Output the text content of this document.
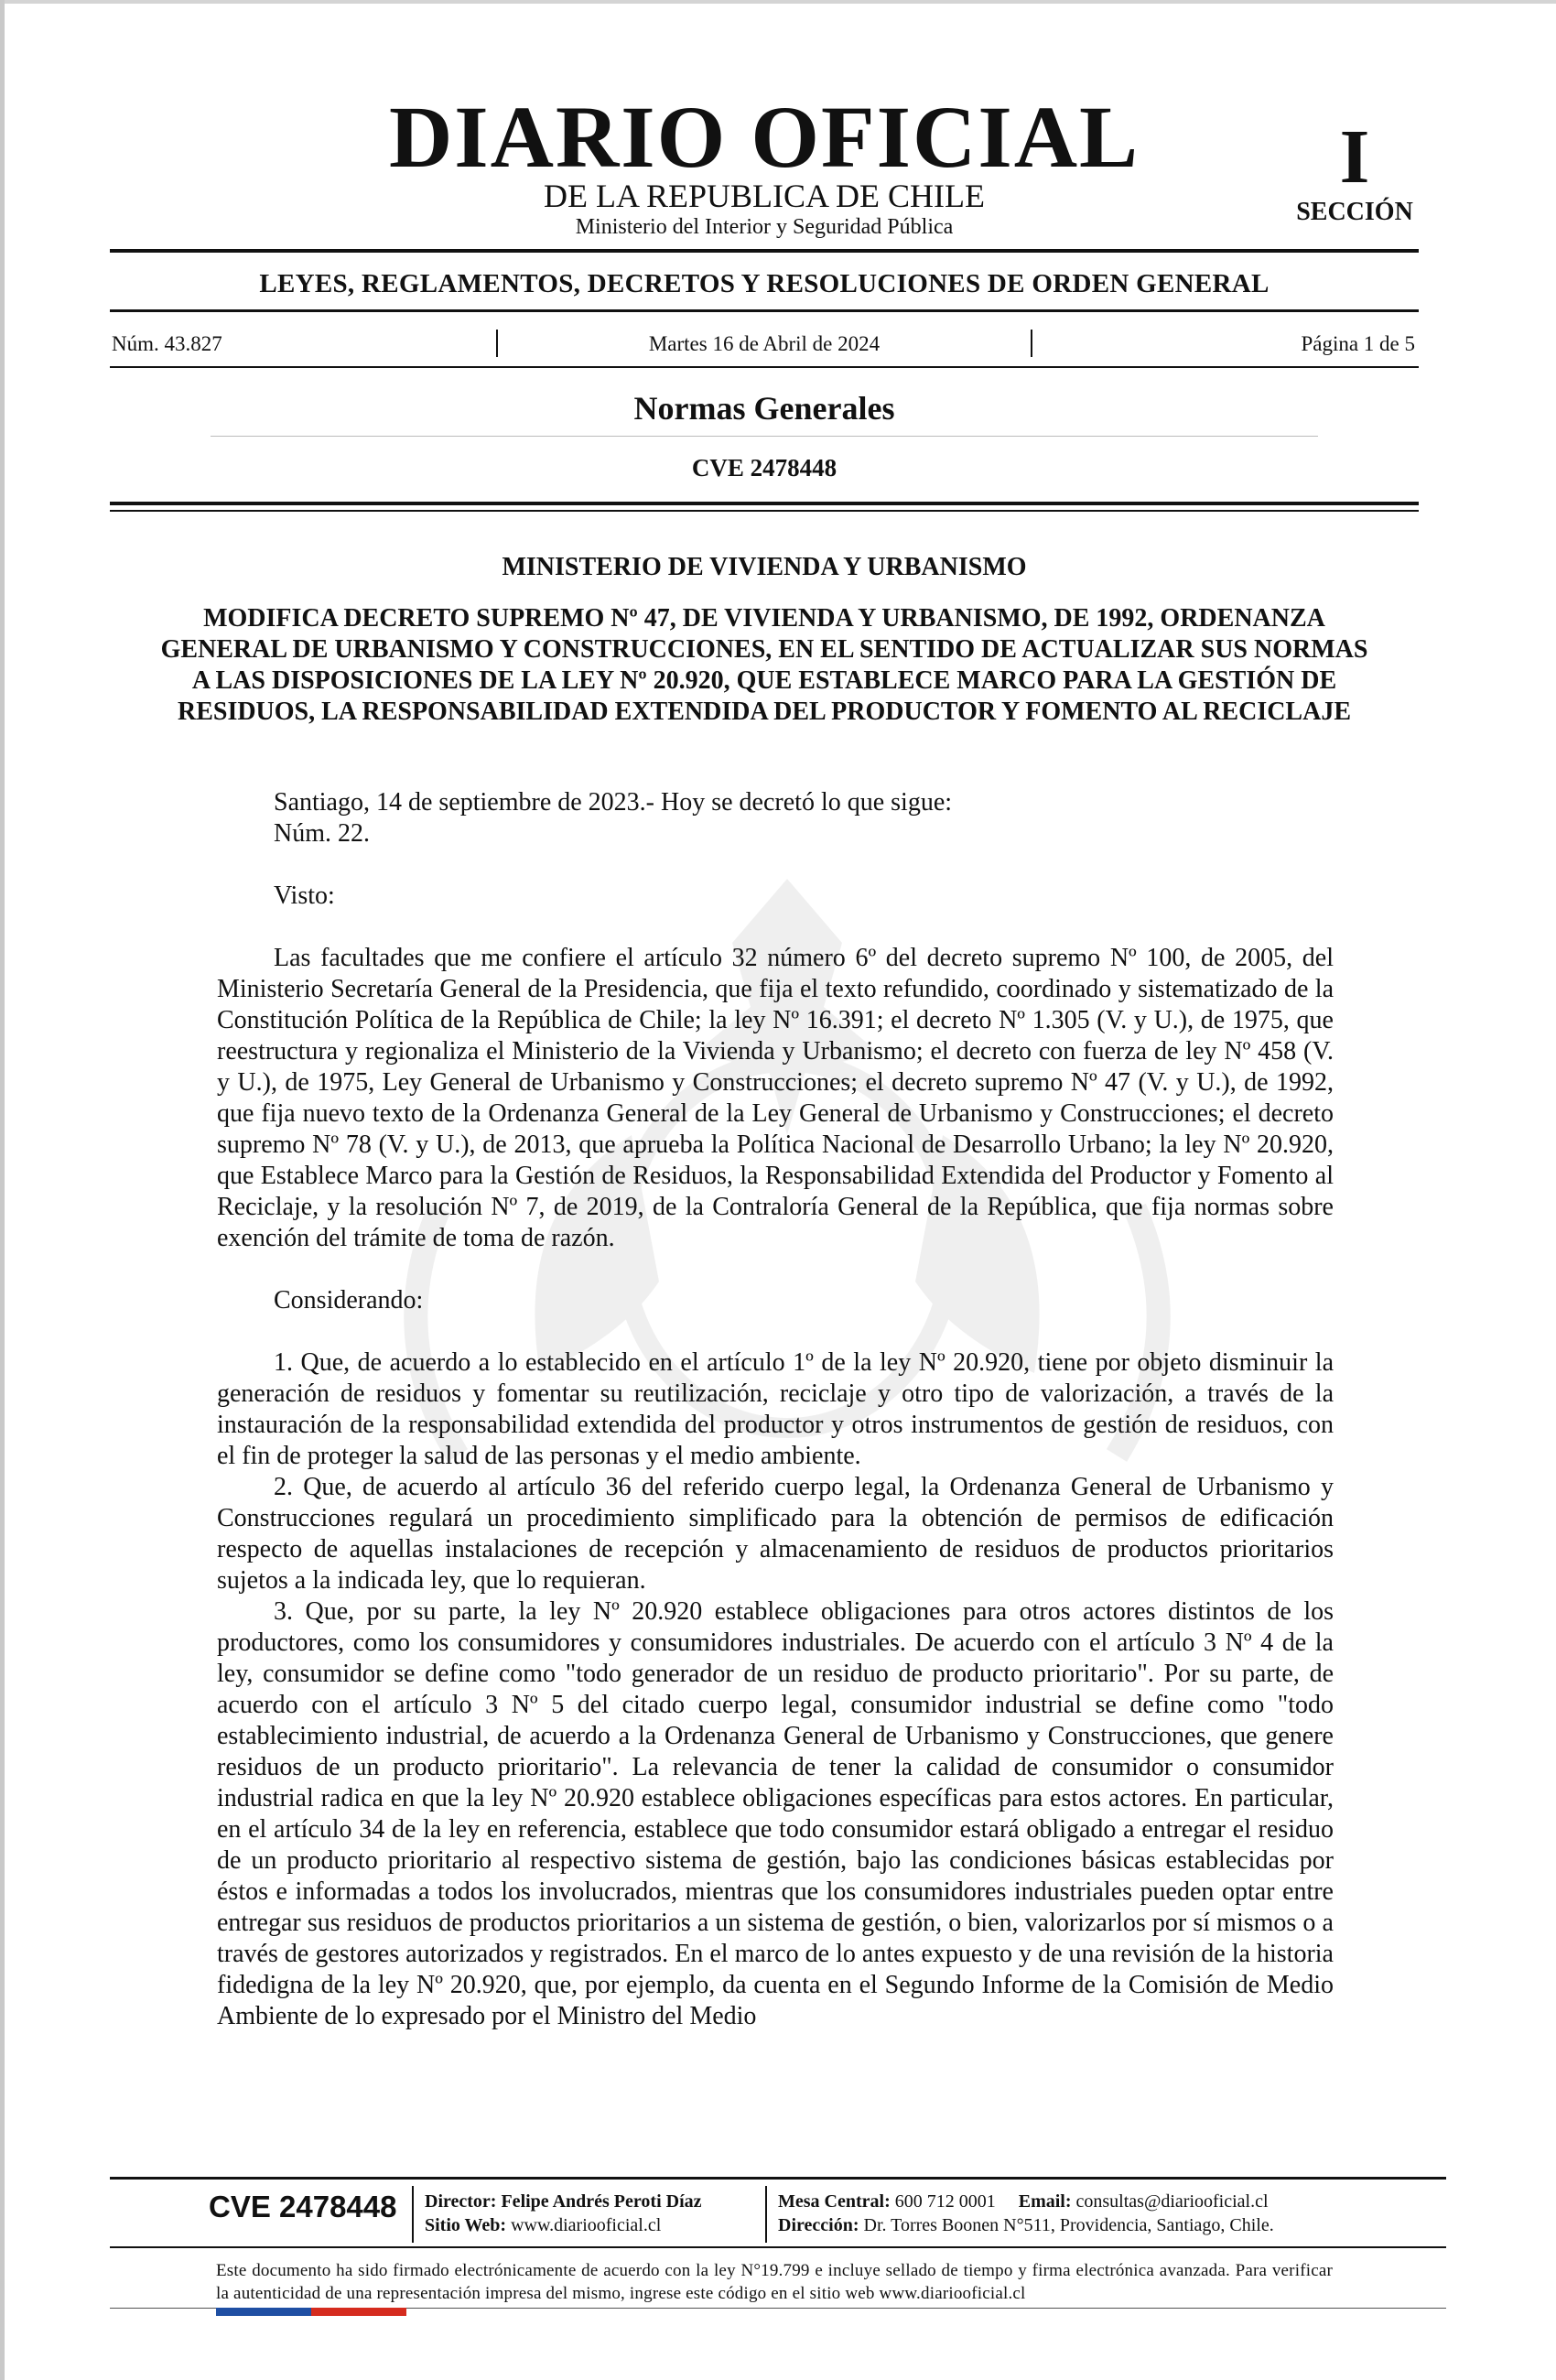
DIARIO OFICIAL
DE LA REPUBLICA DE CHILE
Ministerio del Interior y Seguridad Pública
I
SECCIÓN
LEYES, REGLAMENTOS, DECRETOS Y RESOLUCIONES DE ORDEN GENERAL
Núm. 43.827	Martes 16 de Abril de 2024	Página 1 de 5
Normas Generales
CVE 2478448
MINISTERIO DE VIVIENDA Y URBANISMO
MODIFICA DECRETO SUPREMO Nº 47, DE VIVIENDA Y URBANISMO, DE 1992, ORDENANZA GENERAL DE URBANISMO Y CONSTRUCCIONES, EN EL SENTIDO DE ACTUALIZAR SUS NORMAS A LAS DISPOSICIONES DE LA LEY Nº 20.920, QUE ESTABLECE MARCO PARA LA GESTIÓN DE RESIDUOS, LA RESPONSABILIDAD EXTENDIDA DEL PRODUCTOR Y FOMENTO AL RECICLAJE

Santiago, 14 de septiembre de 2023.- Hoy se decretó lo que sigue:

Núm. 22.

Visto:

Las facultades que me confiere el artículo 32 número 6º del decreto supremo Nº 100, de 2005, del Ministerio Secretaría General de la Presidencia, que fija el texto refundido, coordinado y sistematizado de la Constitución Política de la República de Chile; la ley Nº 16.391; el decreto Nº 1.305 (V. y U.), de 1975, que reestructura y regionaliza el Ministerio de la Vivienda y Urbanismo; el decreto con fuerza de ley Nº 458 (V. y U.), de 1975, Ley General de Urbanismo y Construcciones; el decreto supremo Nº 47 (V. y U.), de 1992, que fija nuevo texto de la Ordenanza General de la Ley General de Urbanismo y Construcciones; el decreto supremo Nº 78 (V. y U.), de 2013, que aprueba la Política Nacional de Desarrollo Urbano; la ley Nº 20.920, que Establece Marco para la Gestión de Residuos, la Responsabilidad Extendida del Productor y Fomento al Reciclaje, y la resolución Nº 7, de 2019, de la Contraloría General de la República, que fija normas sobre exención del trámite de toma de razón.

Considerando:

1. Que, de acuerdo a lo establecido en el artículo 1º de la ley Nº 20.920, tiene por objeto disminuir la generación de residuos y fomentar su reutilización, reciclaje y otro tipo de valorización, a través de la instauración de la responsabilidad extendida del productor y otros instrumentos de gestión de residuos, con el fin de proteger la salud de las personas y el medio ambiente.

2. Que, de acuerdo al artículo 36 del referido cuerpo legal, la Ordenanza General de Urbanismo y Construcciones regulará un procedimiento simplificado para la obtención de permisos de edificación respecto de aquellas instalaciones de recepción y almacenamiento de residuos de productos prioritarios sujetos a la indicada ley, que lo requieran.

3. Que, por su parte, la ley Nº 20.920 establece obligaciones para otros actores distintos de los productores, como los consumidores y consumidores industriales. De acuerdo con el artículo 3 Nº 4 de la ley, consumidor se define como "todo generador de un residuo de producto prioritario". Por su parte, de acuerdo con el artículo 3 Nº 5 del citado cuerpo legal, consumidor industrial se define como "todo establecimiento industrial, de acuerdo a la Ordenanza General de Urbanismo y Construcciones, que genere residuos de un producto prioritario". La relevancia de tener la calidad de consumidor o consumidor industrial radica en que la ley Nº 20.920 establece obligaciones específicas para estos actores. En particular, en el artículo 34 de la ley en referencia, establece que todo consumidor estará obligado a entregar el residuo de un producto prioritario al respectivo sistema de gestión, bajo las condiciones básicas establecidas por éstos e informadas a todos los involucrados, mientras que los consumidores industriales pueden optar entre entregar sus residuos de productos prioritarios a un sistema de gestión, o bien, valorizarlos por sí mismos o a través de gestores autorizados y registrados. En el marco de lo antes expuesto y de una revisión de la historia fidedigna de la ley Nº 20.920, que, por ejemplo, da cuenta en el Segundo Informe de la Comisión de Medio Ambiente de lo expresado por el Ministro del Medio

CVE 2478448 Director: Felipe Andrés Peroti Díaz
Sitio Web: www.diariooficial.cl
Mesa Central: 600 712 0001 Email: consultas@diariooficial.cl
Dirección: Dr. Torres Boonen N°511, Providencia, Santiago, Chile.
Este documento ha sido firmado electrónicamente de acuerdo con la ley N°19.799 e incluye sellado de tiempo y firma electrónica avanzada. Para verificar la autenticidad de una representación impresa del mismo, ingrese este código en el sitio web www.diariooficial.cl
